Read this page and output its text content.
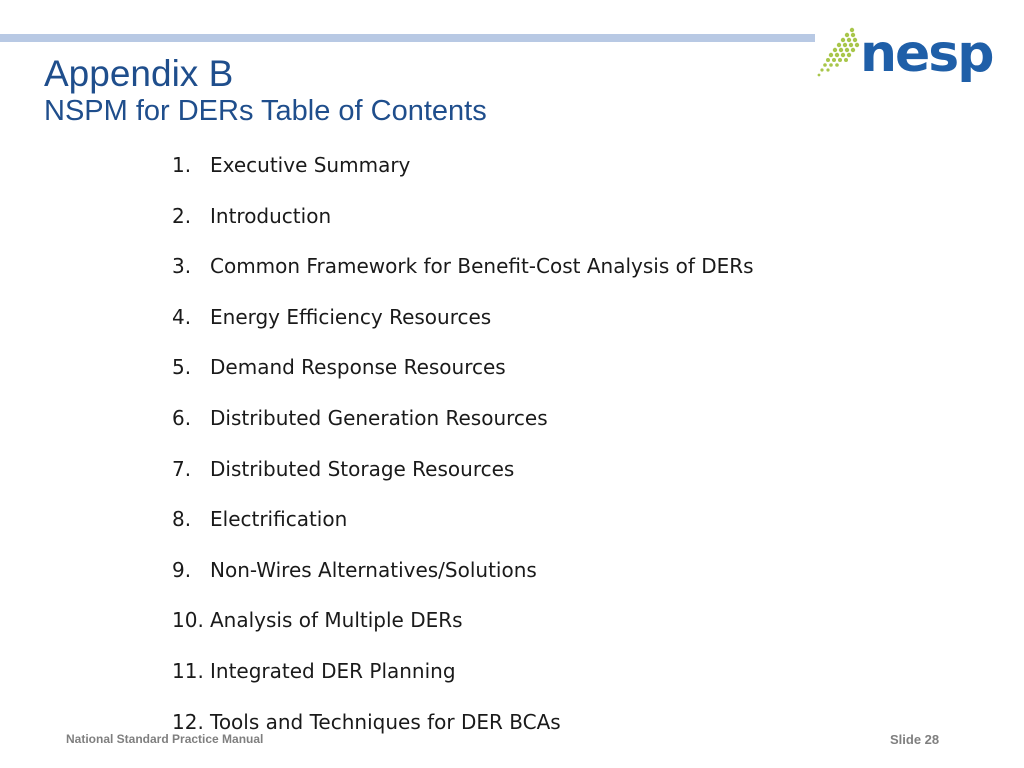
nesp
Appendix B
NSPM for DERs Table of Contents
1. Executive Summary
2. Introduction
3. Common Framework for Benefit-Cost Analysis of DERs
4. Energy Efficiency Resources
5. Demand Response Resources
6. Distributed Generation Resources
7. Distributed Storage Resources
8. Electrification
9. Non-Wires Alternatives/Solutions
10. Analysis of Multiple DERs
11. Integrated DER Planning
12. Tools and Techniques for DER BCAs
National Standard Practice Manual	Slide 28
